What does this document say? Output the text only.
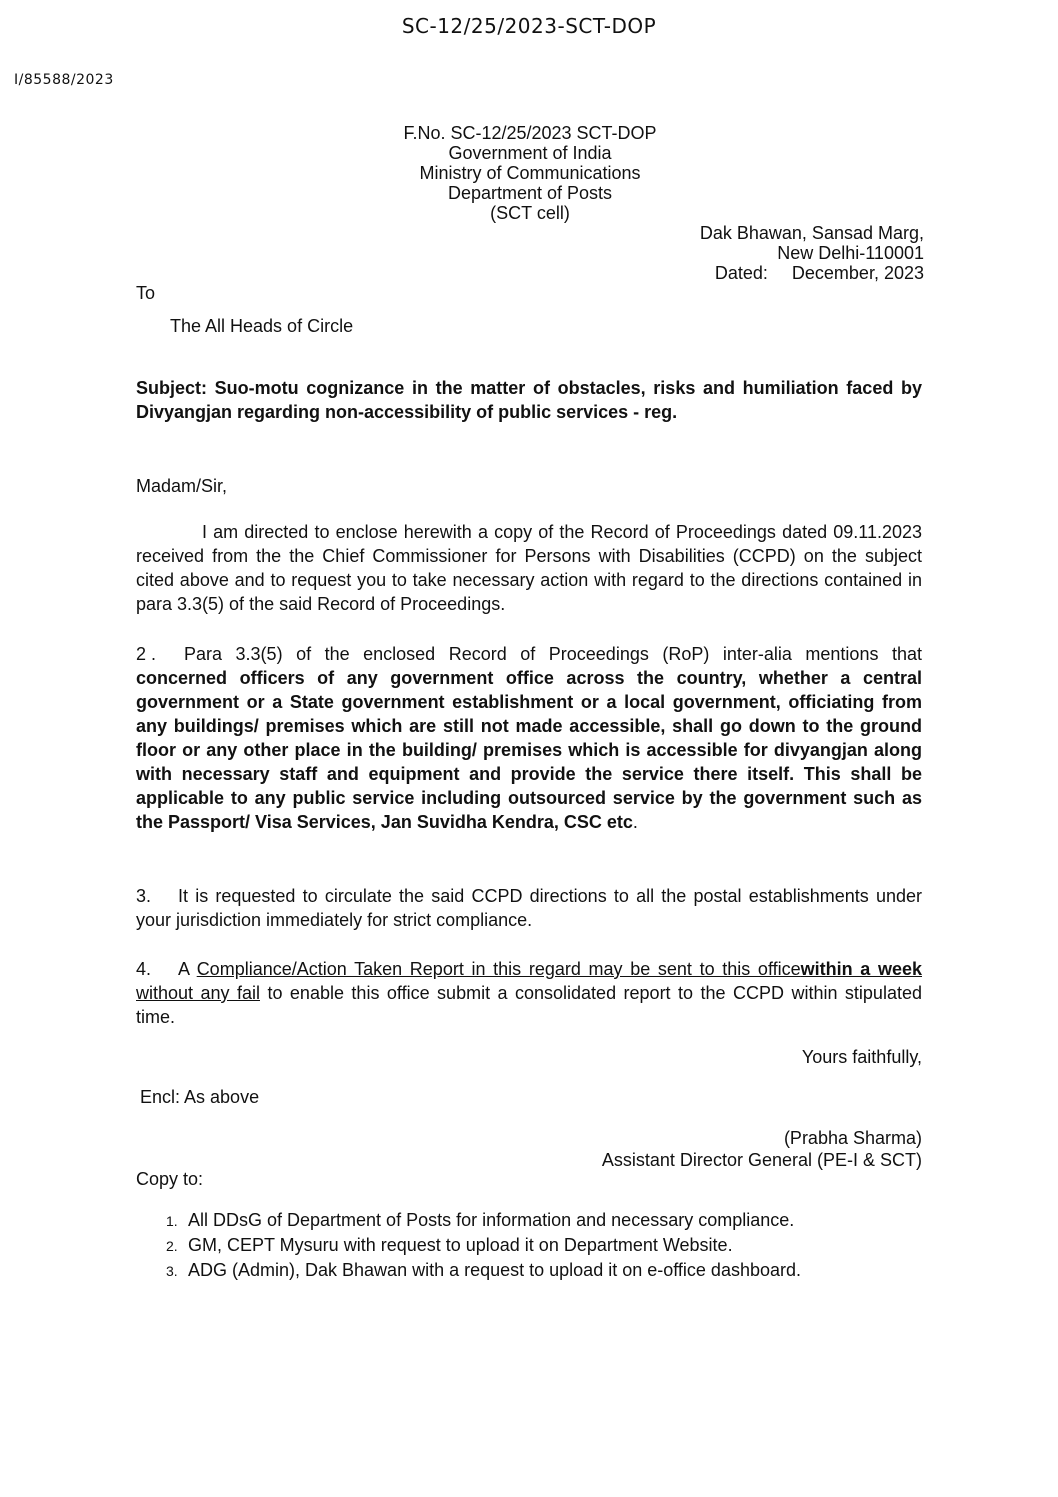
SC-12/25/2023-SCT-DOP
I/85588/2023
F.No. SC-12/25/2023 SCT-DOP
Government of India
Ministry of Communications
Department of Posts
(SCT cell)
Dak Bhawan, Sansad Marg,
New Delhi-110001
Dated: December, 2023
To
The All Heads of Circle
Subject: Suo-motu cognizance in the matter of obstacles, risks and humiliation faced by Divyangjan regarding non-accessibility of public services - reg.
Madam/Sir,
I am directed to enclose herewith a copy of the Record of Proceedings dated 09.11.2023 received from the the Chief Commissioner for Persons with Disabilities (CCPD) on the subject cited above and to request you to take necessary action with regard to the directions contained in para 3.3(5) of the said Record of Proceedings.
2 . Para 3.3(5) of the enclosed Record of Proceedings (RoP) inter-alia mentions that concerned officers of any government office across the country, whether a central government or a State government establishment or a local government, officiating from any buildings/ premises which are still not made accessible, shall go down to the ground floor or any other place in the building/ premises which is accessible for divyangjan along with necessary staff and equipment and provide the service there itself. This shall be applicable to any public service including outsourced service by the government such as the Passport/ Visa Services, Jan Suvidha Kendra, CSC etc.
3. It is requested to circulate the said CCPD directions to all the postal establishments under your jurisdiction immediately for strict compliance.
4. A Compliance/Action Taken Report in this regard may be sent to this officewithin a week without any fail to enable this office submit a consolidated report to the CCPD within stipulated time.
Yours faithfully,
Encl: As above
(Prabha Sharma)
Assistant Director General (PE-I & SCT)
Copy to:
1. All DDsG of Department of Posts for information and necessary compliance.
2. GM, CEPT Mysuru with request to upload it on Department Website.
3. ADG (Admin), Dak Bhawan with a request to upload it on e-office dashboard.
